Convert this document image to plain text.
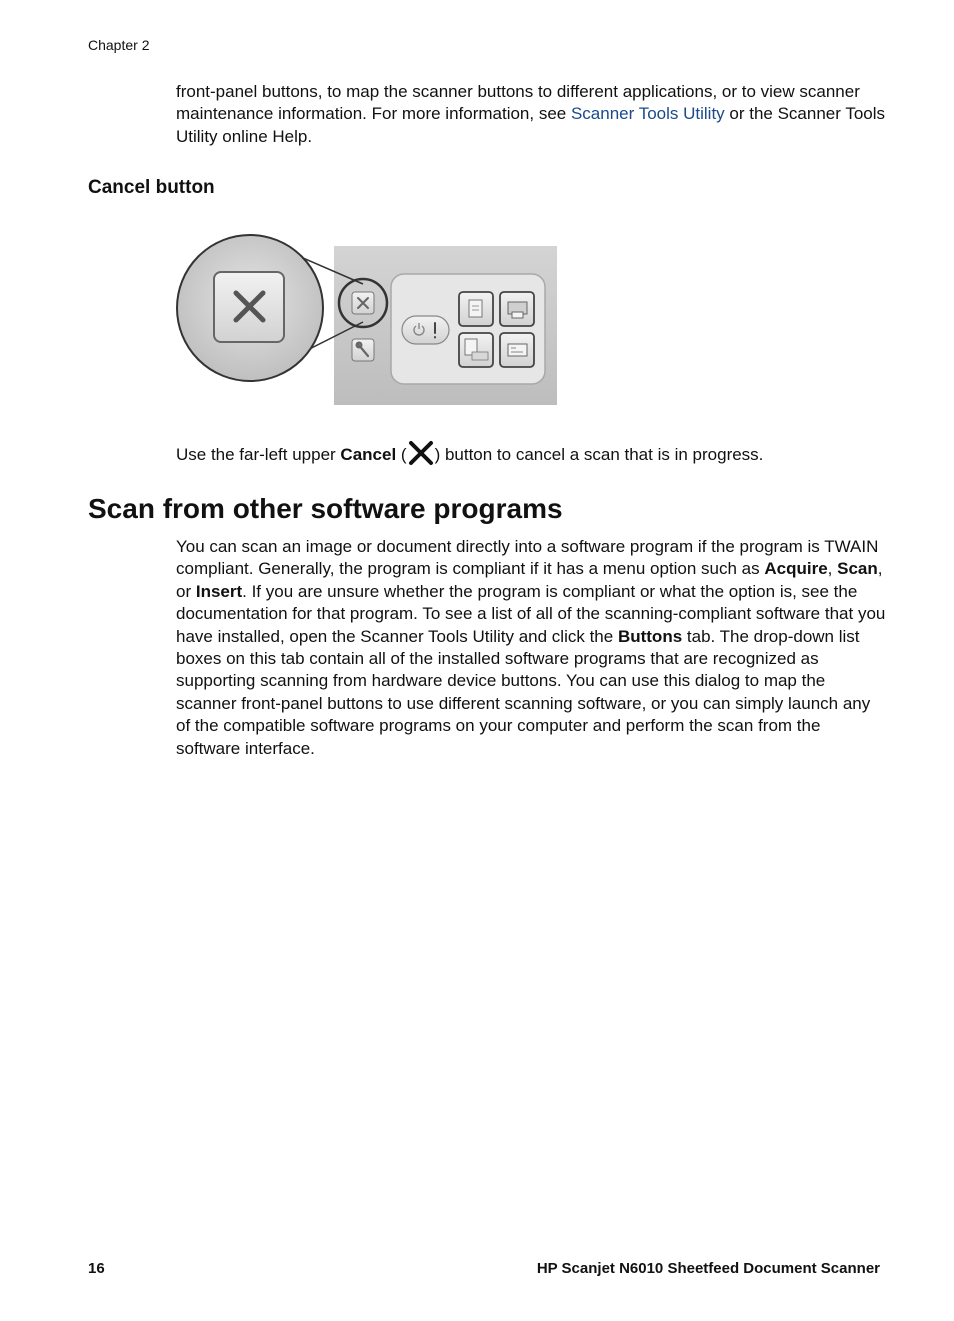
Chapter 2
front-panel buttons, to map the scanner buttons to different applications, or to view scanner maintenance information. For more information, see Scanner Tools Utility or the Scanner Tools Utility online Help.
Cancel button
Use the far-left upper Cancel ( ) button to cancel a scan that is in progress.
Scan from other software programs
You can scan an image or document directly into a software program if the program is TWAIN compliant. Generally, the program is compliant if it has a menu option such as Acquire, Scan, or Insert. If you are unsure whether the program is compliant or what the option is, see the documentation for that program. To see a list of all of the scanning-compliant software that you have installed, open the Scanner Tools Utility and click the Buttons tab. The drop-down list boxes on this tab contain all of the installed software programs that are recognized as supporting scanning from hardware device buttons. You can use this dialog to map the scanner front-panel buttons to use different scanning software, or you can simply launch any of the compatible software programs on your computer and perform the scan from the software interface.
16	HP Scanjet N6010 Sheetfeed Document Scanner
